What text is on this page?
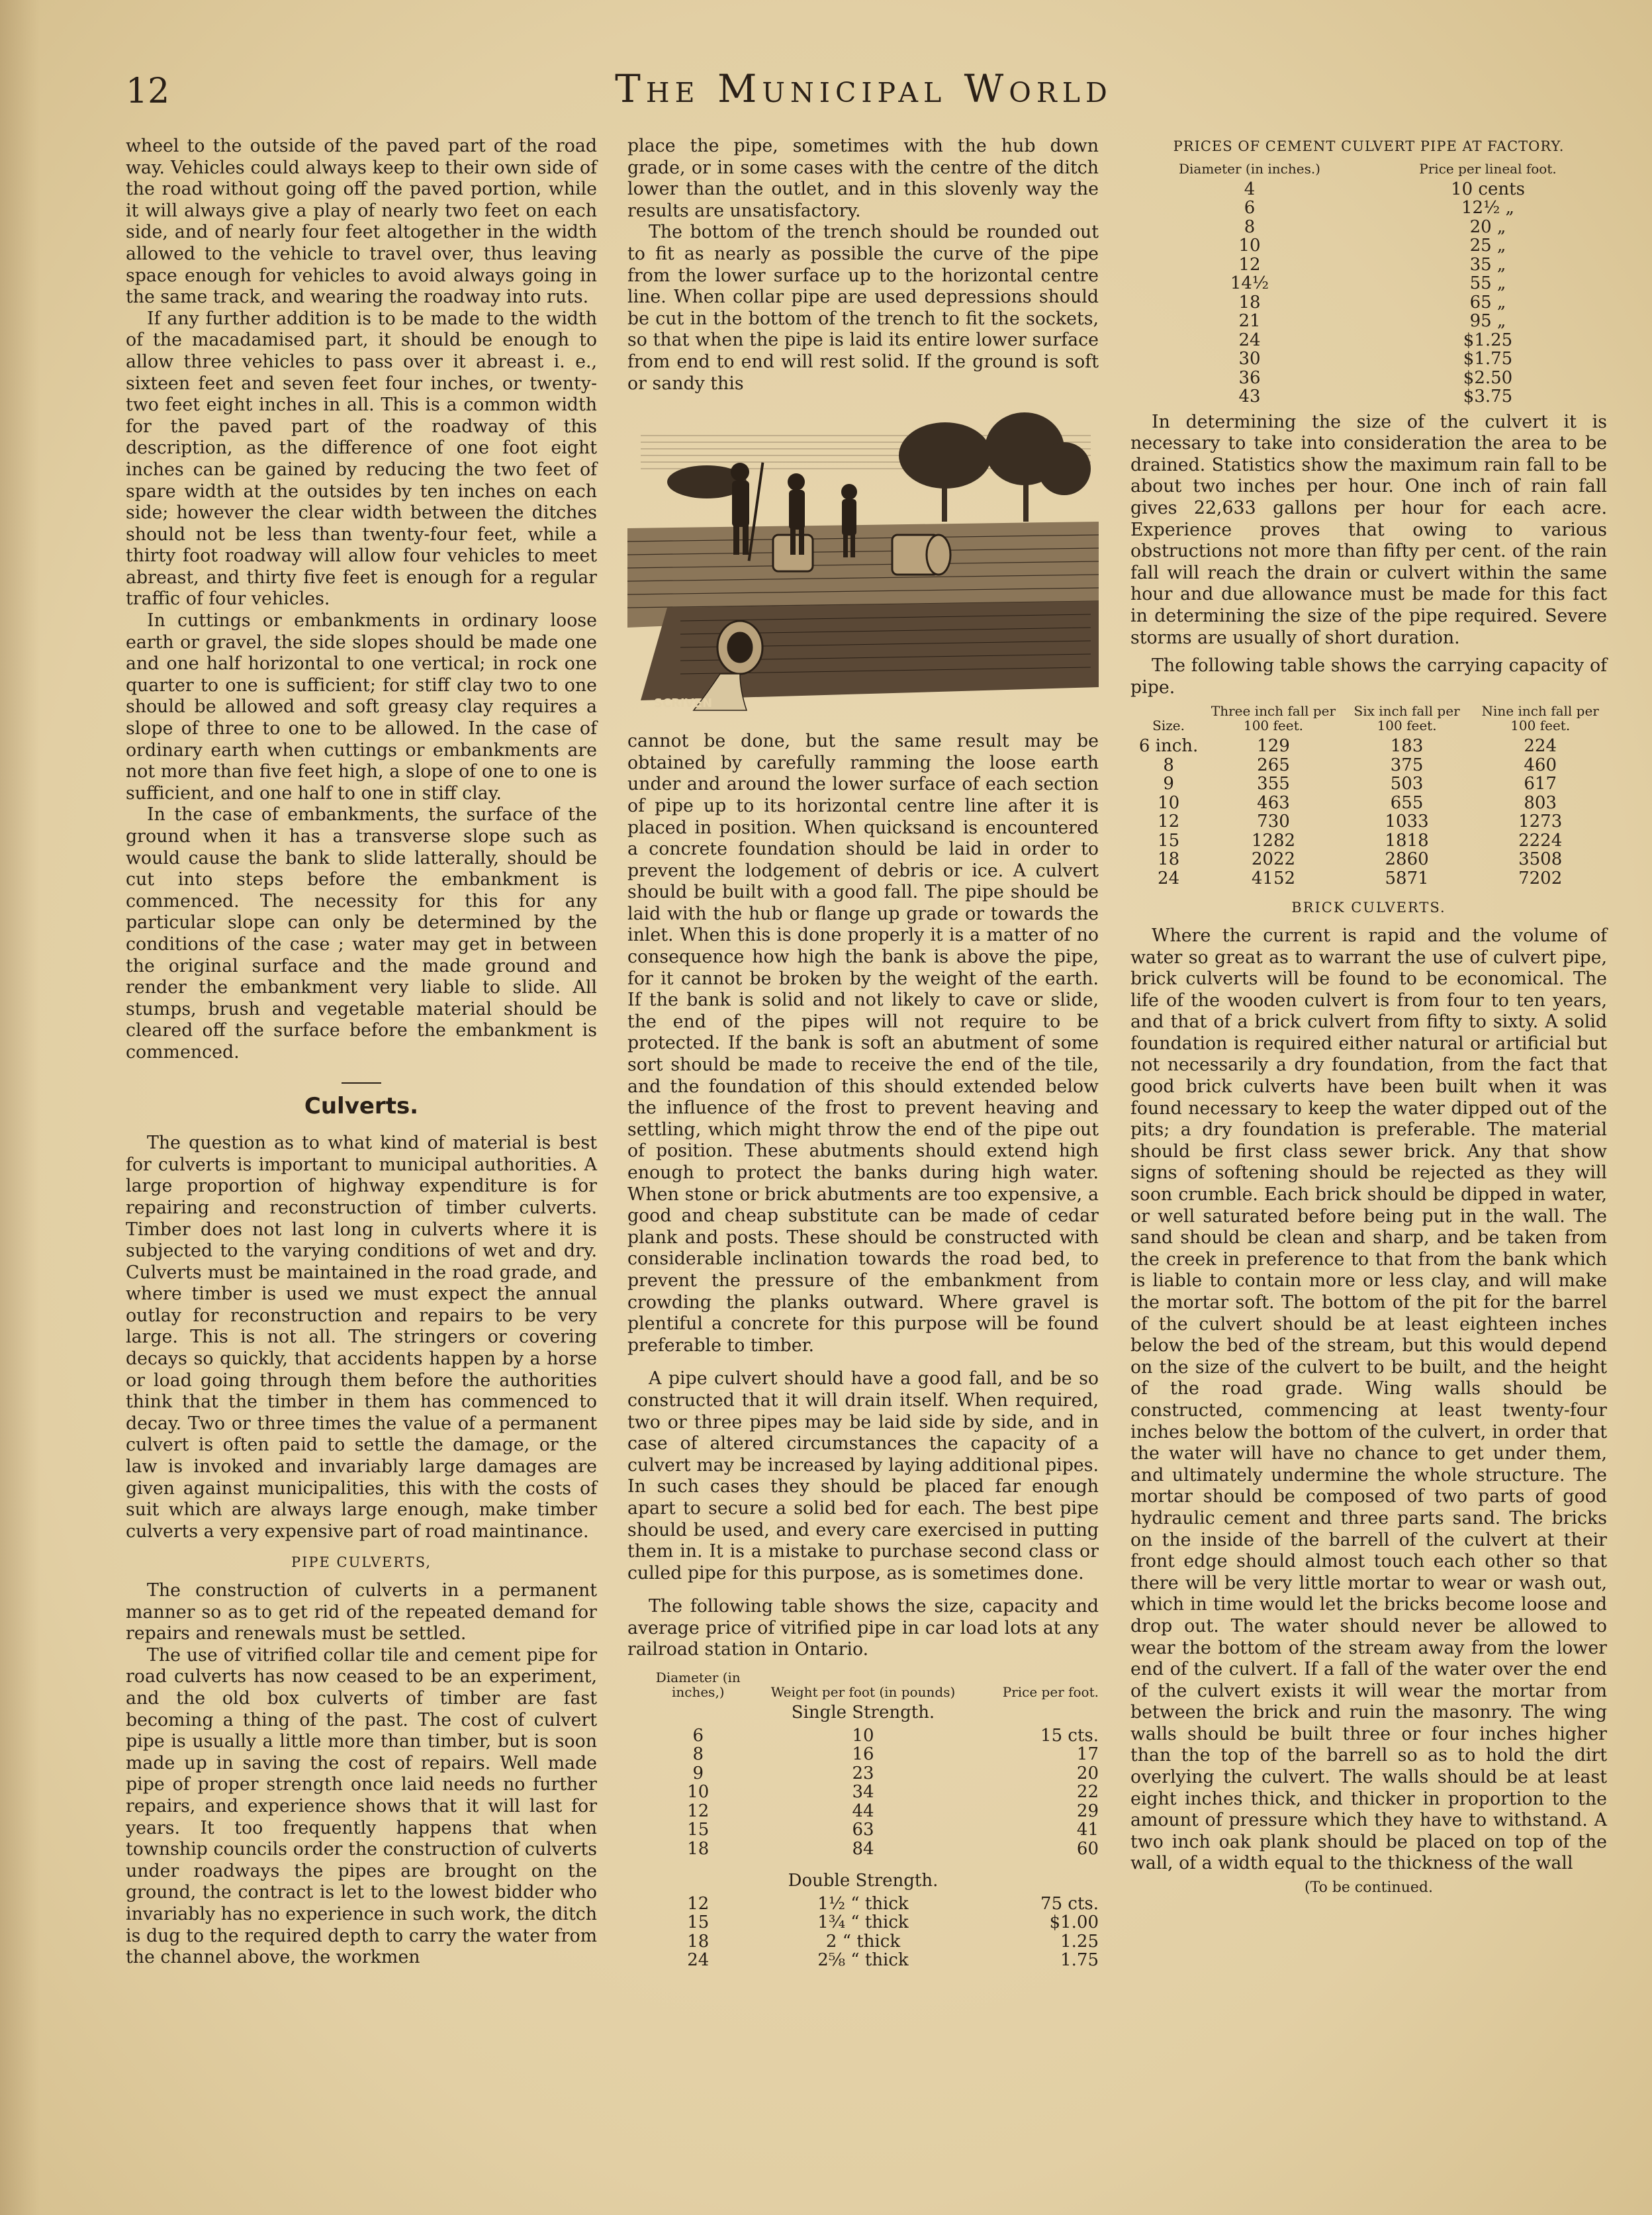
12	The Municipal World

wheel to the outside of the paved part of the road way. Vehicles could always keep to their own side of the road without going off the paved portion, while it will always give a play of nearly two feet on each side, and of nearly four feet altogether in the width allowed to the vehicle to travel over, thus leaving space enough for vehicles to avoid always going in the same track, and wearing the roadway into ruts.

If any further addition is to be made to the width of the macadamised part, it should be enough to allow three vehicles to pass over it abreast i. e., sixteen feet and seven feet four inches, or twenty-two feet eight inches in all. This is a common width for the paved part of the roadway of this description, as the difference of one foot eight inches can be gained by reducing the two feet of spare width at the outsides by ten inches on each side; however the clear width between the ditches should not be less than twenty-four feet, while a thirty foot roadway will allow four vehicles to meet abreast, and thirty five feet is enough for a regular traffic of four vehicles.

In cuttings or embankments in ordinary loose earth or gravel, the side slopes should be made one and one half horizontal to one vertical; in rock one quarter to one is sufficient; for stiff clay two to one should be allowed and soft greasy clay requires a slope of three to one to be allowed. In the case of ordinary earth when cuttings or embankments are not more than five feet high, a slope of one to one is sufficient, and one half to one in stiff clay.

In the case of embankments, the surface of the ground when it has a transverse slope such as would cause the bank to slide latterally, should be cut into steps before the embankment is commenced. The necessity for this for any particular slope can only be determined by the conditions of the case ; water may get in between the original surface and the made ground and render the embankment very liable to slide. All stumps, brush and vegetable material should be cleared off the surface before the embankment is commenced.

Culverts.

The question as to what kind of material is best for culverts is important to municipal authorities. A large proportion of highway expenditure is for repairing and reconstruction of timber culverts. Timber does not last long in culverts where it is subjected to the varying conditions of wet and dry. Culverts must be maintained in the road grade, and where timber is used we must expect the annual outlay for reconstruction and repairs to be very large. This is not all. The stringers or covering decays so quickly, that accidents happen by a horse or load going through them before the authorities think that the timber in them has commenced to decay. Two or three times the value of a permanent culvert is often paid to settle the damage, or the law is invoked and invariably large damages are given against municipalities, this with the costs of suit which are always large enough, make timber culverts a very expensive part of road maintinance.

PIPE CULVERTS,

The construction of culverts in a permanent manner so as to get rid of the repeated demand for repairs and renewals must be settled.

The use of vitrified collar tile and cement pipe for road culverts has now ceased to be an experiment, and the old box culverts of timber are fast becoming a thing of the past. The cost of culvert pipe is usually a little more than timber, but is soon made up in saving the cost of repairs. Well made pipe of proper strength once laid needs no further repairs, and experience shows that it will last for years. It too frequently happens that when township councils order the construction of culverts under roadways the pipes are brought on the ground, the contract is let to the lowest bidder who invariably has no experience in such work, the ditch is dug to the required depth to carry the water from the channel above, the workmen

place the pipe, sometimes with the hub down grade, or in some cases with the centre of the ditch lower than the outlet, and in this slovenly way the results are unsatisfactory.

The bottom of the trench should be rounded out to fit as nearly as possible the curve of the pipe from the lower surface up to the horizontal centre line. When collar pipe are used depressions should be cut in the bottom of the trench to fit the sockets, so that when the pipe is laid its entire lower surface from end to end will rest solid. If the ground is soft or sandy this

SCRIVEN

cannot be done, but the same result may be obtained by carefully ramming the loose earth under and around the lower surface of each section of pipe up to its horizontal centre line after it is placed in position. When quicksand is encountered a concrete foundation should be laid in order to prevent the lodgement of debris or ice. A culvert should be built with a good fall. The pipe should be laid with the hub or flange up grade or towards the inlet. When this is done properly it is a matter of no consequence how high the bank is above the pipe, for it cannot be broken by the weight of the earth. If the bank is solid and not likely to cave or slide, the end of the pipes will not require to be protected. If the bank is soft an abutment of some sort should be made to receive the end of the tile, and the foundation of this should extended below the influence of the frost to prevent heaving and settling, which might throw the end of the pipe out of position. These abutments should extend high enough to protect the banks during high water. When stone or brick abutments are too expensive, a good and cheap substitute can be made of cedar plank and posts. These should be constructed with considerable inclination towards the road bed, to prevent the pressure of the embankment from crowding the planks outward. Where gravel is plentiful a concrete for this purpose will be found preferable to timber.

A pipe culvert should have a good fall, and be so constructed that it will drain itself. When required, two or three pipes may be laid side by side, and in case of altered circumstances the capacity of a culvert may be increased by laying additional pipes. In such cases they should be placed far enough apart to secure a solid bed for each. The best pipe should be used, and every care exercised in putting them in. It is a mistake to purchase second class or culled pipe for this purpose, as is sometimes done.

The following table shows the size, capacity and average price of vitrified pipe in car load lots at any railroad station in Ontario.

Diameter (in inches,)	Weight per foot (in pounds)	Price per foot.
Single Strength.		
6	10	15 cts.
8	16	17
9	23	20
10	34	22
12	44	29
15	63	41
18	84	60
Double Strength.		
12	1½ “ thick	75 cts.
15	1¾ “ thick	$1.00
18	2 “ thick	1.25
24	2⅝ “ thick	1.75
PRICES OF CEMENT CULVERT PIPE AT FACTORY.
Diameter (in inches.)	Price per lineal foot.
4	10 cents
6	12½ „
8	20 „
10	25 „
12	35 „
14½	55 „
18	65 „
21	95 „
24	$1.25
30	$1.75
36	$2.50
43	$3.75

In determining the size of the culvert it is necessary to take into consideration the area to be drained. Statistics show the maximum rain fall to be about two inches per hour. One inch of rain fall gives 22,633 gallons per hour for each acre. Experience proves that owing to various obstructions not more than fifty per cent. of the rain fall will reach the drain or culvert within the same hour and due allowance must be made for this fact in determining the size of the pipe required. Severe storms are usually of short duration.

The following table shows the carrying capacity of pipe.

Size.	Three inch fall per 100 feet.	Six inch fall per 100 feet.	Nine inch fall per 100 feet.
6 inch.	129	183	224
8	265	375	460
9	355	503	617
10	463	655	803
12	730	1033	1273
15	1282	1818	2224
18	2022	2860	3508
24	4152	5871	7202
BRICK CULVERTS.

Where the current is rapid and the volume of water so great as to warrant the use of culvert pipe, brick culverts will be found to be economical. The life of the wooden culvert is from four to ten years, and that of a brick culvert from fifty to sixty. A solid foundation is required either natural or artificial but not necessarily a dry foundation, from the fact that good brick culverts have been built when it was found necessary to keep the water dipped out of the pits; a dry foundation is preferable. The material should be first class sewer brick. Any that show signs of softening should be rejected as they will soon crumble. Each brick should be dipped in water, or well saturated before being put in the wall. The sand should be clean and sharp, and be taken from the creek in preference to that from the bank which is liable to contain more or less clay, and will make the mortar soft. The bottom of the pit for the barrel of the culvert should be at least eighteen inches below the bed of the stream, but this would depend on the size of the culvert to be built, and the height of the road grade. Wing walls should be constructed, commencing at least twenty-four inches below the bottom of the culvert, in order that the water will have no chance to get under them, and ultimately undermine the whole structure. The mortar should be composed of two parts of good hydraulic cement and three parts sand. The bricks on the inside of the barrell of the culvert at their front edge should almost touch each other so that there will be very little mortar to wear or wash out, which in time would let the bricks become loose and drop out. The water should never be allowed to wear the bottom of the stream away from the lower end of the culvert. If a fall of the water over the end of the culvert exists it will wear the mortar from between the brick and ruin the masonry. The wing walls should be built three or four inches higher than the top of the barrell so as to hold the dirt overlying the culvert. The walls should be at least eight inches thick, and thicker in proportion to the amount of pressure which they have to withstand. A two inch oak plank should be placed on top of the wall, of a width equal to the thickness of the wall

(To be continued.
